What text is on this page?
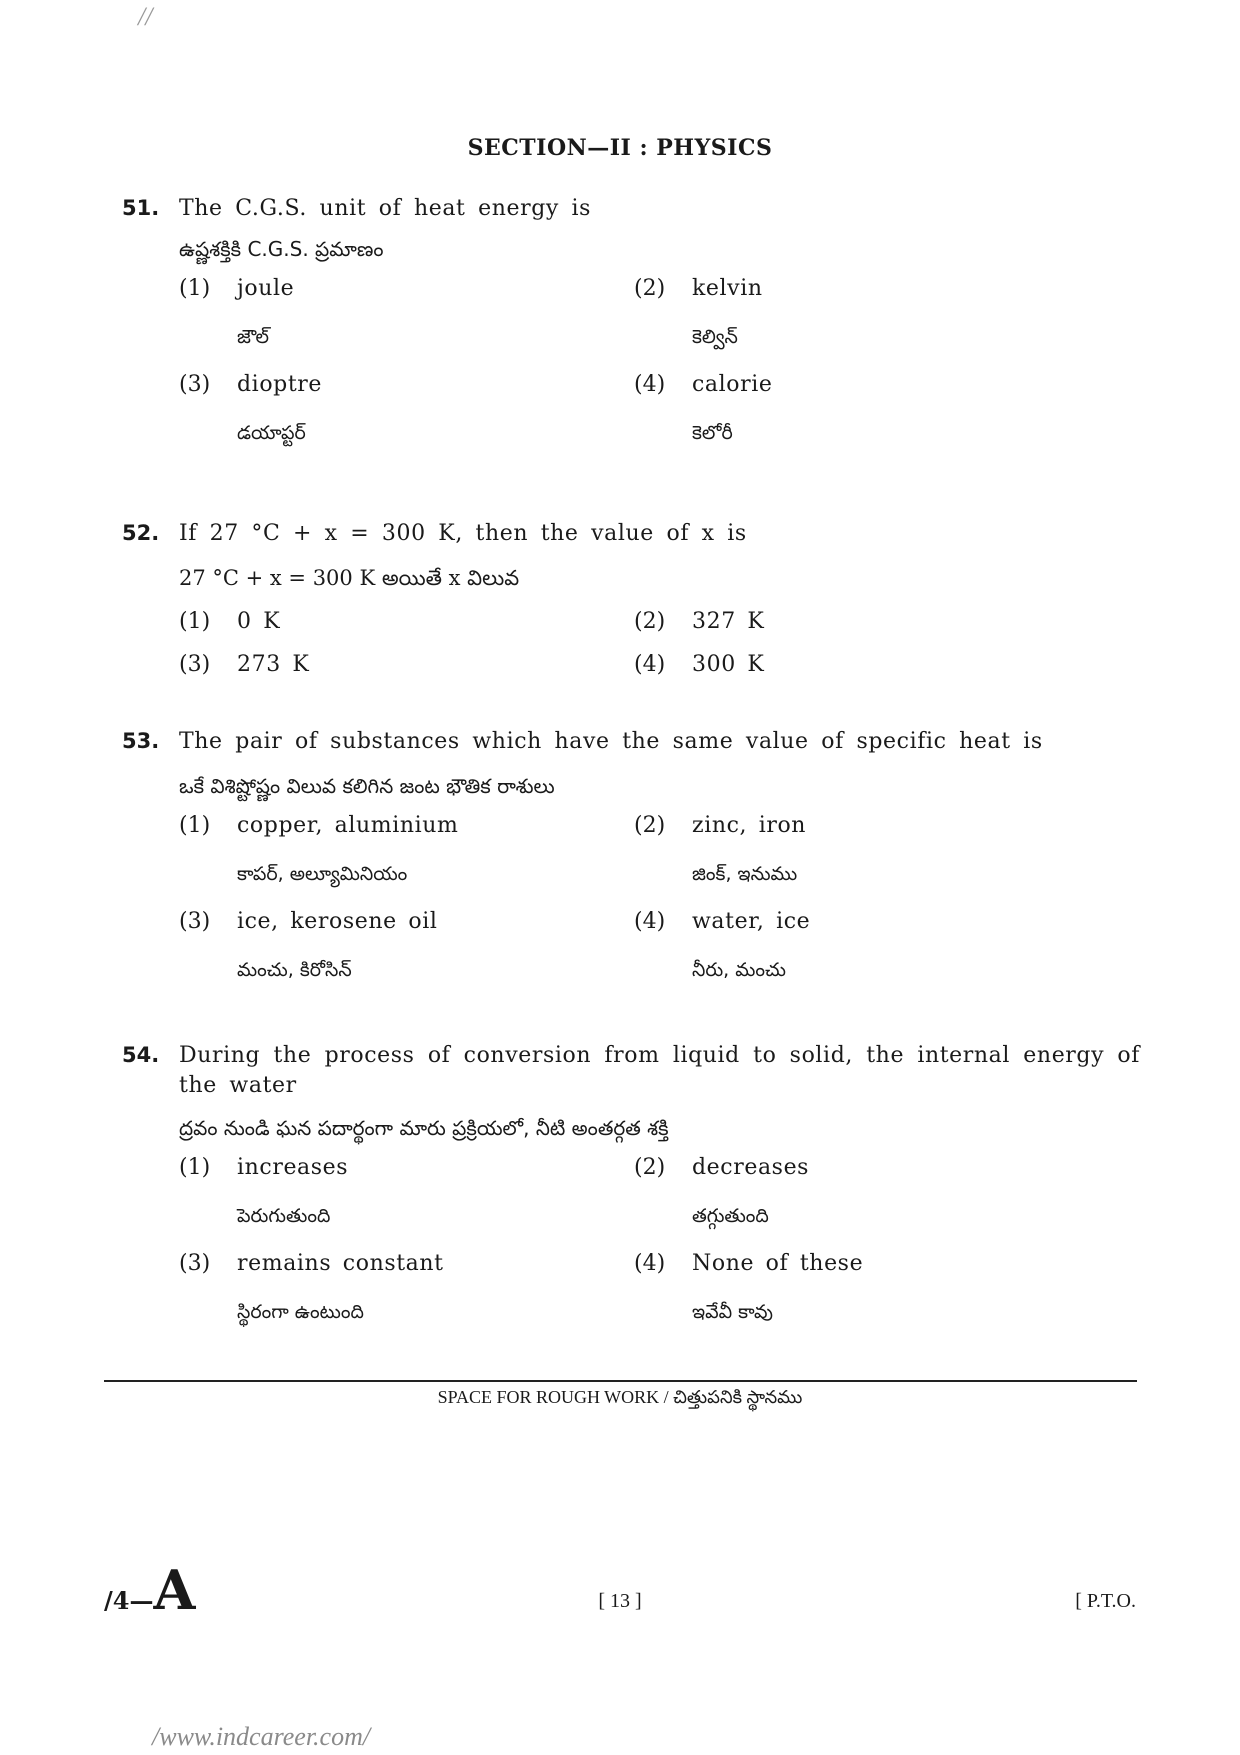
//
SECTION—II : PHYSICS
51. The C.G.S. unit of heat energy is
ఉష్ణశక్తికి C.G.S. ప్రమాణం
(1)	joule
జౌల్
(2)	kelvin
కెల్విన్
(3)	dioptre
డయాప్టర్
(4)	calorie
కెలోరీ
52. If 27 °C + x = 300 K, then the value of x is
27 °C + x = 300 K అయితే x విలువ
(1)	0 K	(2)	327 K
(3)	273 K	(4)	300 K
53. The pair of substances which have the same value of specific heat is
ఒకే విశిష్టోష్ణం విలువ కలిగిన జంట భౌతిక రాశులు
(1)	copper, aluminium
కాపర్, అల్యూమినియం
(2)	zinc, iron
జింక్, ఇనుము
(3)	ice, kerosene oil
మంచు, కిరోసిన్
(4)	water, ice
నీరు, మంచు
54. During the process of conversion from liquid to solid, the internal energy of the water
ద్రవం నుండి ఘన పదార్థంగా మారు ప్రక్రియలో, నీటి అంతర్గత శక్తి
(1)	increases
పెరుగుతుంది
(2)	decreases
తగ్గుతుంది
(3)	remains constant
స్థిరంగా ఉంటుంది
(4)	None of these
ఇవేవీ కావు
SPACE FOR ROUGH WORK / చిత్తుపనికి స్థానము
/4—A	[ 13 ]	[ P.T.O.
/www.indcareer.com/
